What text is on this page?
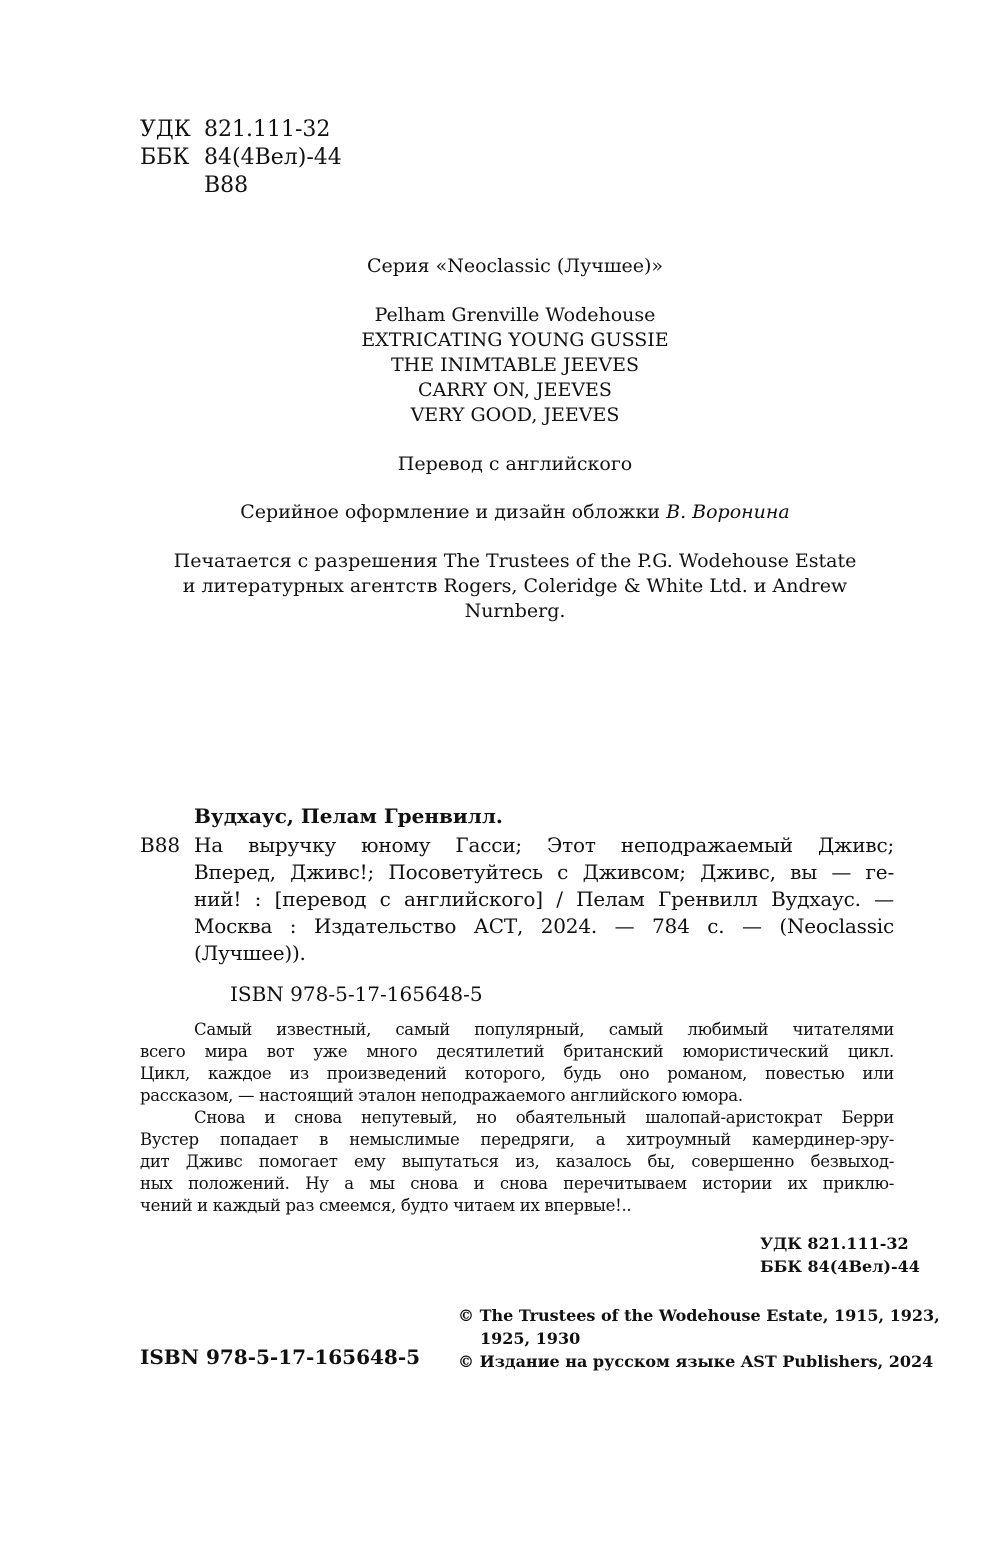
УДК 821.111-32
ББК 84(4Вел)-44
В88
Серия «Neoclassic (Лучшее)»
Pelham Grenville Wodehouse
EXTRICATING YOUNG GUSSIE
THE INIMTABLE JEEVES
CARRY ON, JEEVES
VERY GOOD, JEEVES
Перевод с английского
Серийное оформление и дизайн обложки В. Воронина
Печатается с разрешения The Trustees of the P.G. Wodehouse Estate
и литературных агентств Rogers, Coleridge & White Ltd. и Andrew
Nurnberg.
Вудхаус, Пелам Гренвилл.
В88 На выручку юному Гасси; Этот неподражаемый Дживс;
Вперед, Дживс!; Посоветуйтесь с Дживсом; Дживс, вы — ге-
ний! : [перевод с английского] / Пелам Гренвилл Вудхаус. —
Москва : Издательство АСТ, 2024. — 784 с. — (Neoclassic
(Лучшее)).
ISBN 978-5-17-165648-5
Самый известный, самый популярный, самый любимый читателями
всего мира вот уже много десятилетий британский юмористический цикл.
Цикл, каждое из произведений которого, будь оно романом, повестью или
рассказом, — настоящий эталон неподражаемого английского юмора.
Снова и снова непутевый, но обаятельный шалопай-аристократ Берри
Вустер попадает в немыслимые передряги, а хитроумный камердинер-эру-
дит Дживс помогает ему выпутаться из, казалось бы, совершенно безвыход-
ных положений. Ну а мы снова и снова перечитываем истории их приклю-
чений и каждый раз смеемся, будто читаем их впервые!..
УДК 821.111-32
ББК 84(4Вел)-44
ISBN 978-5-17-165648-5
© The Trustees of the Wodehouse Estate, 1915, 1923,
1925, 1930
© Издание на русском языке AST Publishers, 2024
